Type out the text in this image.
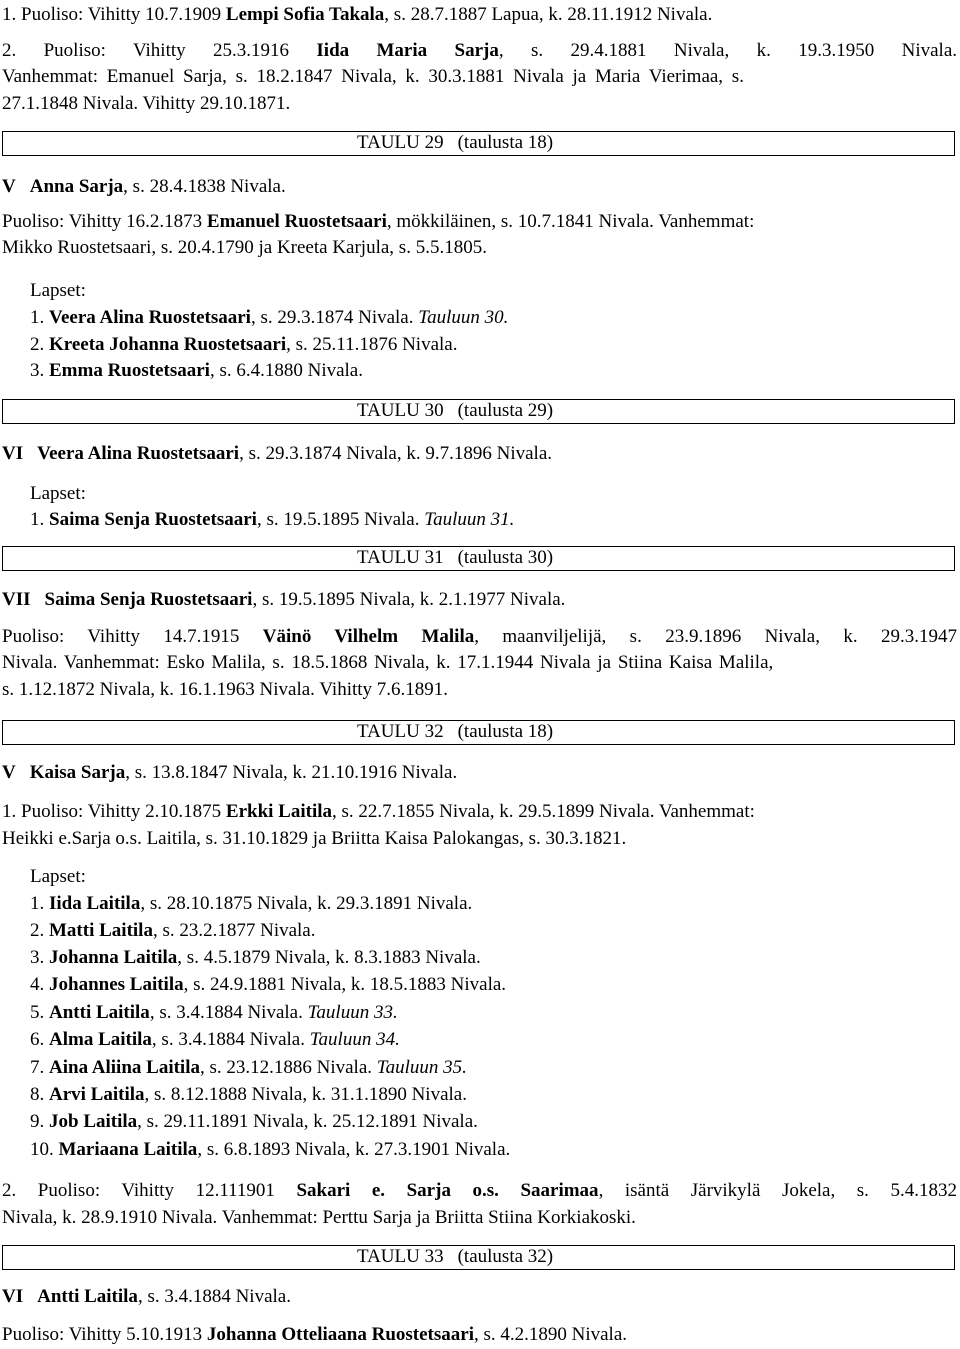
1. Puoliso: Vihitty 10.7.1909 Lempi Sofia Takala, s. 28.7.1887 Lapua, k. 28.11.1912 Nivala.
2. Puoliso: Vihitty 25.3.1916 Iida Maria Sarja, s. 29.4.1881 Nivala, k. 19.3.1950 Nivala.
Vanhemmat: Emanuel Sarja, s. 18.2.1847 Nivala, k. 30.3.1881 Nivala ja Maria Vierimaa, s.
27.1.1848 Nivala. Vihitty 29.10.1871.
TAULU 29 (taulusta 18)
V Anna Sarja, s. 28.4.1838 Nivala.
Puoliso: Vihitty 16.2.1873 Emanuel Ruostetsaari, mökkiläinen, s. 10.7.1841 Nivala. Vanhemmat:
Mikko Ruostetsaari, s. 20.4.1790 ja Kreeta Karjula, s. 5.5.1805.
Lapset:
1. Veera Alina Ruostetsaari, s. 29.3.1874 Nivala. Tauluun 30.
2. Kreeta Johanna Ruostetsaari, s. 25.11.1876 Nivala.
3. Emma Ruostetsaari, s. 6.4.1880 Nivala.
TAULU 30 (taulusta 29)
VI Veera Alina Ruostetsaari, s. 29.3.1874 Nivala, k. 9.7.1896 Nivala.
Lapset:
1. Saima Senja Ruostetsaari, s. 19.5.1895 Nivala. Tauluun 31.
TAULU 31 (taulusta 30)
VII Saima Senja Ruostetsaari, s. 19.5.1895 Nivala, k. 2.1.1977 Nivala.
Puoliso: Vihitty 14.7.1915 Väinö Vilhelm Malila, maanviljelijä, s. 23.9.1896 Nivala, k. 29.3.1947
Nivala. Vanhemmat: Esko Malila, s. 18.5.1868 Nivala, k. 17.1.1944 Nivala ja Stiina Kaisa Malila,
s. 1.12.1872 Nivala, k. 16.1.1963 Nivala. Vihitty 7.6.1891.
TAULU 32 (taulusta 18)
V Kaisa Sarja, s. 13.8.1847 Nivala, k. 21.10.1916 Nivala.
1. Puoliso: Vihitty 2.10.1875 Erkki Laitila, s. 22.7.1855 Nivala, k. 29.5.1899 Nivala. Vanhemmat:
Heikki e.Sarja o.s. Laitila, s. 31.10.1829 ja Briitta Kaisa Palokangas, s. 30.3.1821.
Lapset:
1. Iida Laitila, s. 28.10.1875 Nivala, k. 29.3.1891 Nivala.
2. Matti Laitila, s. 23.2.1877 Nivala.
3. Johanna Laitila, s. 4.5.1879 Nivala, k. 8.3.1883 Nivala.
4. Johannes Laitila, s. 24.9.1881 Nivala, k. 18.5.1883 Nivala.
5. Antti Laitila, s. 3.4.1884 Nivala. Tauluun 33.
6. Alma Laitila, s. 3.4.1884 Nivala. Tauluun 34.
7. Aina Aliina Laitila, s. 23.12.1886 Nivala. Tauluun 35.
8. Arvi Laitila, s. 8.12.1888 Nivala, k. 31.1.1890 Nivala.
9. Job Laitila, s. 29.11.1891 Nivala, k. 25.12.1891 Nivala.
10. Mariaana Laitila, s. 6.8.1893 Nivala, k. 27.3.1901 Nivala.
2. Puoliso: Vihitty 12.111901 Sakari e. Sarja o.s. Saarimaa, isäntä Järvikylä Jokela, s. 5.4.1832
Nivala, k. 28.9.1910 Nivala. Vanhemmat: Perttu Sarja ja Briitta Stiina Korkiakoski.
TAULU 33 (taulusta 32)
VI Antti Laitila, s. 3.4.1884 Nivala.
Puoliso: Vihitty 5.10.1913 Johanna Otteliaana Ruostetsaari, s. 4.2.1890 Nivala.
